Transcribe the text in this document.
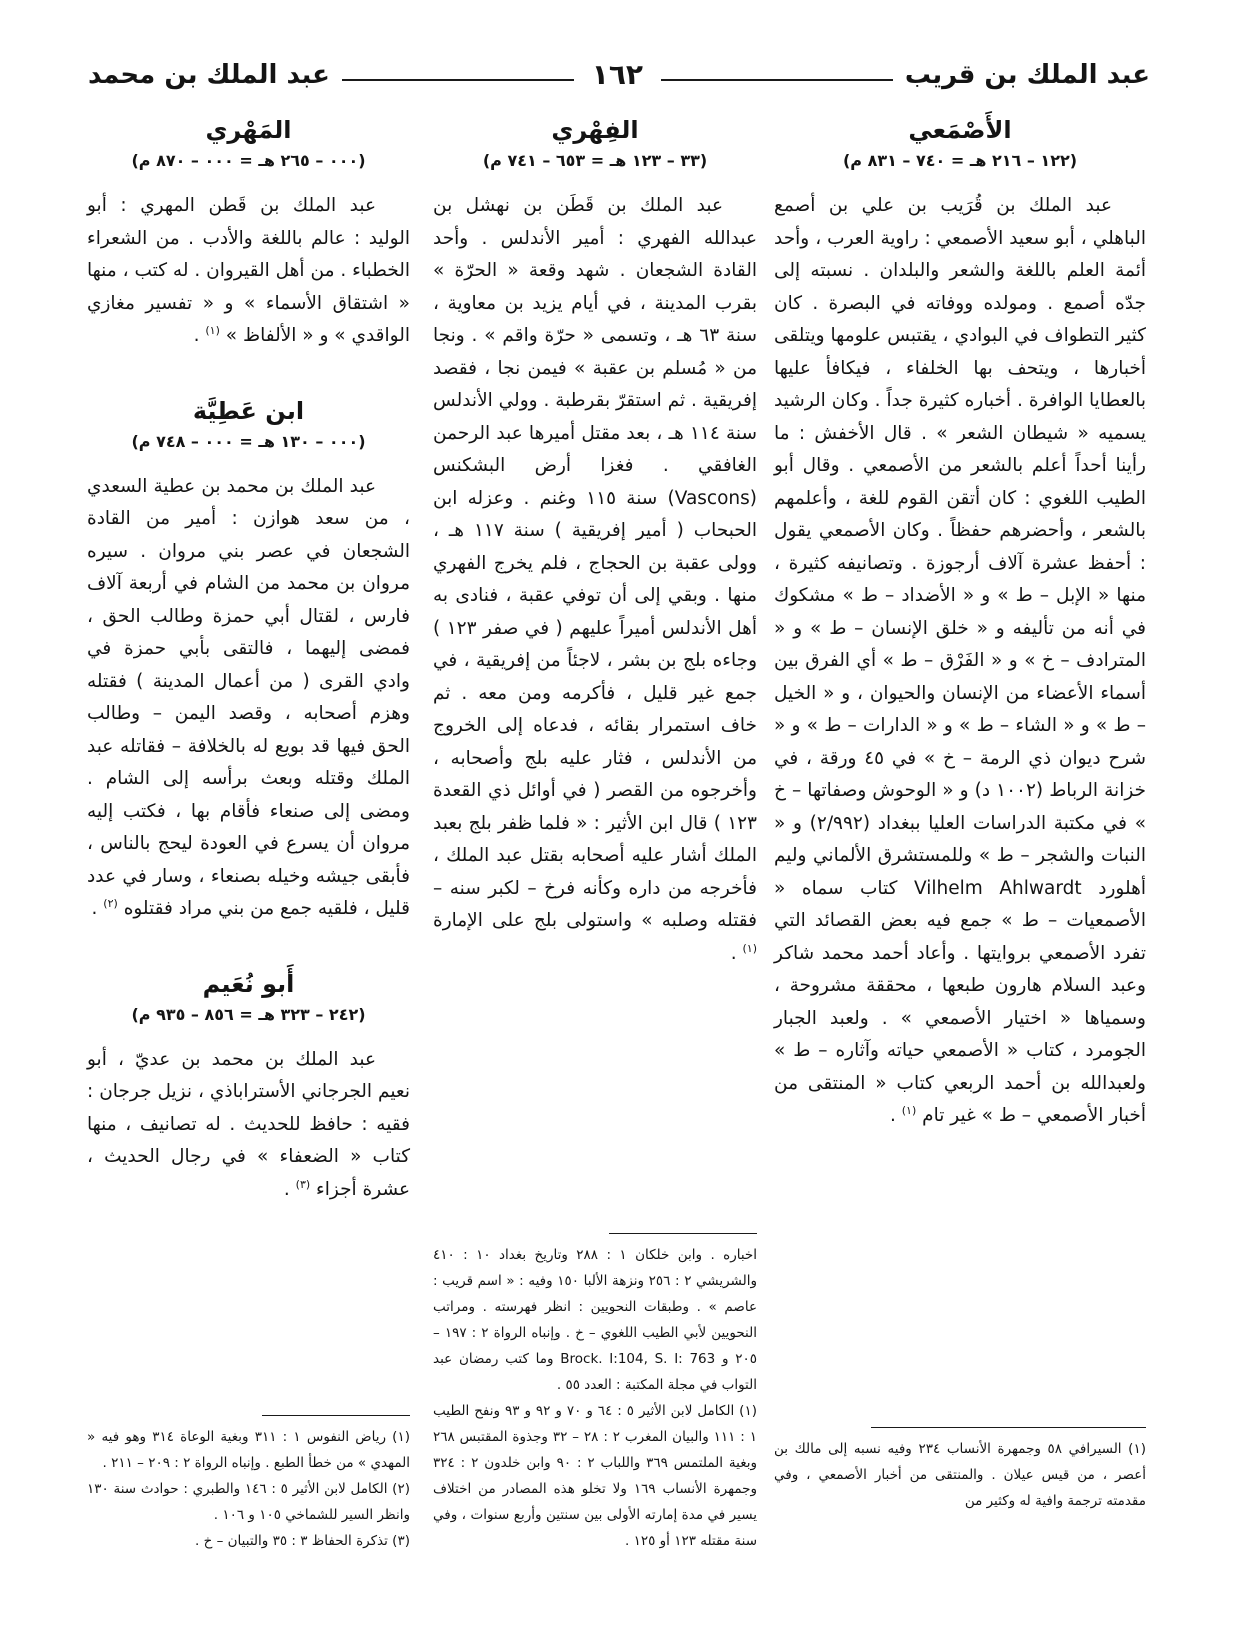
عبد الملك بن قريب
١٦٢
عبد الملك بن محمد
الأَصْمَعي
(١٢٢ – ٢١٦ هـ = ٧٤٠ – ٨٣١ م)

عبد الملك بن قُرَيب بن علي بن أصمع الباهلي ، أبو سعيد الأصمعي : راوية العرب ، وأحد أئمة العلم باللغة والشعر والبلدان . نسبته إلى جدّه أصمع . ومولده ووفاته في البصرة . كان كثير التطواف في البوادي ، يقتبس علومها ويتلقى أخبارها ، ويتحف بها الخلفاء ، فيكافأ عليها بالعطايا الوافرة . أخباره كثيرة جداً . وكان الرشيد يسميه « شيطان الشعر » . قال الأخفش : ما رأينا أحداً أعلم بالشعر من الأصمعي . وقال أبو الطيب اللغوي : كان أتقن القوم للغة ، وأعلمهم بالشعر ، وأحضرهم حفظاً . وكان الأصمعي يقول : أحفظ عشرة آلاف أرجوزة . وتصانيفه كثيرة ، منها « الإبل – ط » و « الأضداد – ط » مشكوك في أنه من تأليفه و « خلق الإنسان – ط » و « المترادف – خ » و « الفَرْق – ط » أي الفرق بين أسماء الأعضاء من الإنسان والحيوان ، و « الخيل – ط » و « الشاء – ط » و « الدارات – ط » و « شرح ديوان ذي الرمة – خ » في ٤٥ ورقة ، في خزانة الرباط (١٠٠٢ د) و « الوحوش وصفاتها – خ » في مكتبة الدراسات العليا ببغداد (٢/٩٩٢) و « النبات والشجر – ط » وللمستشرق الألماني وليم أهلورد Vilhelm Ahlwardt كتاب سماه « الأصمعيات – ط » جمع فيه بعض القصائد التي تفرد الأصمعي بروايتها . وأعاد أحمد محمد شاكر وعبد السلام هارون طبعها ، محققة مشروحة ، وسمياها « اختيار الأصمعي » . ولعبد الجبار الجومرد ، كتاب « الأصمعي حياته وآثاره – ط » ولعبدالله بن أحمد الربعي كتاب « المنتقى من أخبار الأصمعي – ط » غير تام $^{(١)}$ .

(١) السيرافي ٥٨ وجمهرة الأنساب ٢٣٤ وفيه نسبه إلى مالك بن أعصر ، من قيس عيلان . والمنتقى من أخبار الأصمعي ، وفي مقدمته ترجمة وافية له وكثير من

الفِهْري
(٣٣ – ١٢٣ هـ = ٦٥٣ – ٧٤١ م)

عبد الملك بن قَطَن بن نهشل بن عبدالله الفهري : أمير الأندلس . وأحد القادة الشجعان . شهد وقعة « الحرّة » بقرب المدينة ، في أيام يزيد بن معاوية ، سنة ٦٣ هـ ، وتسمى « حرّة واقم » . ونجا من « مُسلم بن عقبة » فيمن نجا ، فقصد إفريقية . ثم استقرّ بقرطبة . وولي الأندلس سنة ١١٤ هـ ، بعد مقتل أميرها عبد الرحمن الغافقي . فغزا أرض البشكنس (Vascons) سنة ١١٥ وغنم . وعزله ابن الحبحاب ( أمير إفريقية ) سنة ١١٧ هـ ، وولى عقبة بن الحجاج ، فلم يخرج الفهري منها . وبقي إلى أن توفي عقبة ، فنادى به أهل الأندلس أميراً عليهم ( في صفر ١٢٣ ) وجاءه بلج بن بشر ، لاجئاً من إفريقية ، في جمع غير قليل ، فأكرمه ومن معه . ثم خاف استمرار بقائه ، فدعاه إلى الخروج من الأندلس ، فثار عليه بلج وأصحابه ، وأخرجوه من القصر ( في أوائل ذي القعدة ١٢٣ ) قال ابن الأثير : « فلما ظفر بلج بعبد الملك أشار عليه أصحابه بقتل عبد الملك ، فأخرجه من داره وكأنه فرخ – لكبر سنه – فقتله وصلبه » واستولى بلج على الإمارة $^{(١)}$ .

اخباره . وابن خلكان ١ : ٢٨٨ وتاريخ بغداد ١٠ : ٤١٠ والشريشي ٢ : ٢٥٦ ونزهة الألبا ١٥٠ وفيه : « اسم قريب : عاصم » . وطبقات النحويين : انظر فهرسته . ومراتب النحويين لأبي الطيب اللغوي – خ . وإنباه الرواة ٢ : ١٩٧ – ٢٠٥ و Brock. I:104, S. I: 763 وما كتب رمضان عبد التواب في مجلة المكتبة : العدد ٥٥ .

(١) الكامل لابن الأثير ٥ : ٦٤ و ٧٠ و ٩٢ و ٩٣ ونفح الطيب ١ : ١١١ والبيان المغرب ٢ : ٢٨ – ٣٢ وجذوة المقتبس ٢٦٨ وبغية الملتمس ٣٦٩ واللباب ٢ : ٩٠ وابن خلدون ٢ : ٣٢٤ وجمهرة الأنساب ١٦٩ ولا تخلو هذه المصادر من اختلاف يسير في مدة إمارته الأولى بين سنتين وأربع سنوات ، وفي سنة مقتله ١٢٣ أو ١٢٥ .

المَهْري
(٠٠٠ – ٢٦٥ هـ = ٠٠٠ – ٨٧٠ م)

عبد الملك بن قَطن المهري : أبو الوليد : عالم باللغة والأدب . من الشعراء الخطباء . من أهل القيروان . له كتب ، منها « اشتقاق الأسماء » و « تفسير مغازي الواقدي » و « الألفاظ » $^{(١)}$ .

ابن عَطِيَّة
(٠٠٠ – ١٣٠ هـ = ٠٠٠ – ٧٤٨ م)

عبد الملك بن محمد بن عطية السعدي ، من سعد هوازن : أمير من القادة الشجعان في عصر بني مروان . سيره مروان بن محمد من الشام في أربعة آلاف فارس ، لقتال أبي حمزة وطالب الحق ، فمضى إليهما ، فالتقى بأبي حمزة في وادي القرى ( من أعمال المدينة ) فقتله وهزم أصحابه ، وقصد اليمن – وطالب الحق فيها قد بويع له بالخلافة – فقاتله عبد الملك وقتله وبعث برأسه إلى الشام . ومضى إلى صنعاء فأقام بها ، فكتب إليه مروان أن يسرع في العودة ليحج بالناس ، فأبقى جيشه وخيله بصنعاء ، وسار في عدد قليل ، فلقيه جمع من بني مراد فقتلوه $^{(٢)}$ .

أَبو نُعَيم
(٢٤٢ – ٣٢٣ هـ = ٨٥٦ – ٩٣٥ م)

عبد الملك بن محمد بن عديّ ، أبو نعيم الجرجاني الأستراباذي ، نزيل جرجان : فقيه : حافظ للحديث . له تصانيف ، منها كتاب « الضعفاء » في رجال الحديث ، عشرة أجزاء $^{(٣)}$ .

(١) رياض النفوس ١ : ٣١١ وبغية الوعاة ٣١٤ وهو فيه « المهدي » من خطأ الطبع . وإنباه الرواة ٢ : ٢٠٩ – ٢١١ .

(٢) الكامل لابن الأثير ٥ : ١٤٦ والطبري : حوادث سنة ١٣٠ وانظر السير للشماخي ١٠٥ و ١٠٦ .

(٣) تذكرة الحفاظ ٣ : ٣٥ والتبيان – خ .
